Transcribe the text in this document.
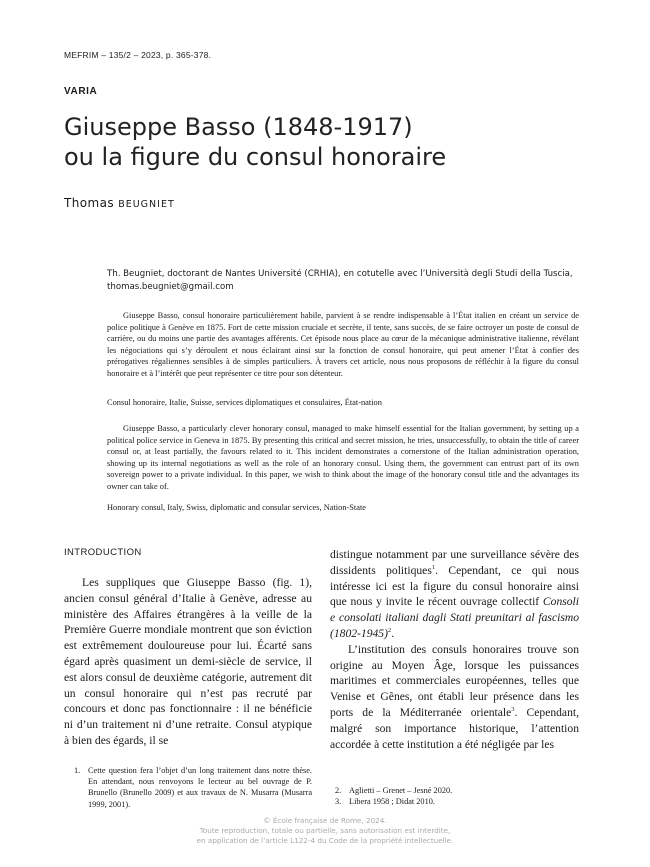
MEFRIM – 135/2 – 2023, p. 365-378.
VARIA
Giuseppe Basso (1848-1917)
ou la figure du consul honoraire
Thomas BEUGNIET
Th. Beugniet, doctorant de Nantes Université (CRHIA), en cotutelle avec l’Università degli Studi della Tuscia, thomas.beugniet@gmail.com

Giuseppe Basso, consul honoraire particulièrement habile, parvient à se rendre indispensable à l’État italien en créant un service de police politique à Genève en 1875. Fort de cette mission cruciale et secrète, il tente, sans succès, de se faire octroyer un poste de consul de carrière, ou du moins une partie des avantages afférents. Cet épisode nous place au cœur de la mécanique administrative italienne, révélant les négociations qui s’y déroulent et nous éclairant ainsi sur la fonction de consul honoraire, qui peut amener l’État à confier des prérogatives régaliennes sensibles à de simples particuliers. À travers cet article, nous nous proposons de réfléchir à la figure du consul honoraire et à l’intérêt que peut représenter ce titre pour son détenteur.

Consul honoraire, Italie, Suisse, services diplomatiques et consulaires, État-nation

Giuseppe Basso, a particularly clever honorary consul, managed to make himself essential for the Italian government, by setting up a political police service in Geneva in 1875. By presenting this critical and secret mission, he tries, unsuccessfully, to obtain the title of career consul or, at least partially, the favours related to it. This incident demonstrates a cornerstone of the Italian administration operation, showing up its internal negotiations as well as the role of an honorary consul. Using them, the government can entrust part of its own sovereign power to a private individual. In this paper, we wish to think about the image of the honorary consul title and the advantages its owner can take of.

Honorary consul, Italy, Swiss, diplomatic and consular services, Nation-State
INTRODUCTION

Les suppliques que Giuseppe Basso (fig. 1), ancien consul général d’Italie à Genève, adresse au ministère des Affaires étrangères à la veille de la Première Guerre mondiale montrent que son éviction est extrêmement douloureuse pour lui. Écarté sans égard après quasiment un demi-siècle de service, il est alors consul de deuxième catégorie, autrement dit un consul honoraire qui n’est pas recruté par concours et donc pas fonctionnaire : il ne bénéficie ni d’un traitement ni d’une retraite. Consul atypique à bien des égards, il se

distingue notamment par une surveillance sévère des dissidents politiques$^1$. Cependant, ce qui nous intéresse ici est la figure du consul honoraire ainsi que nous y invite le récent ouvrage collectif Consoli e consolati italiani dagli Stati preunitari al fascismo (1802-1945)$^2$.

L’institution des consuls honoraires trouve son origine au Moyen Âge, lorsque les puissances maritimes et commerciales européennes, telles que Venise et Gênes, ont établi leur présence dans les ports de la Méditerranée orientale$^3$. Cependant, malgré son importance historique, l’attention accordée à cette institution a été négligée par les

1. Cette question fera l’objet d’un long traitement dans notre thèse. En attendant, nous renvoyons le lecteur au bel ouvrage de P. Brunello (Brunello 2009) et aux travaux de N. Musarra (Musarra 1999, 2001).
2. Aglietti – Grenet – Jesné 2020.
3. Libera 1958 ; Didat 2010.
© École française de Rome, 2024.
Toute reproduction, totale ou partielle, sans autorisation est interdite,
en application de l’article L122-4 du Code de la propriété intellectuelle.
